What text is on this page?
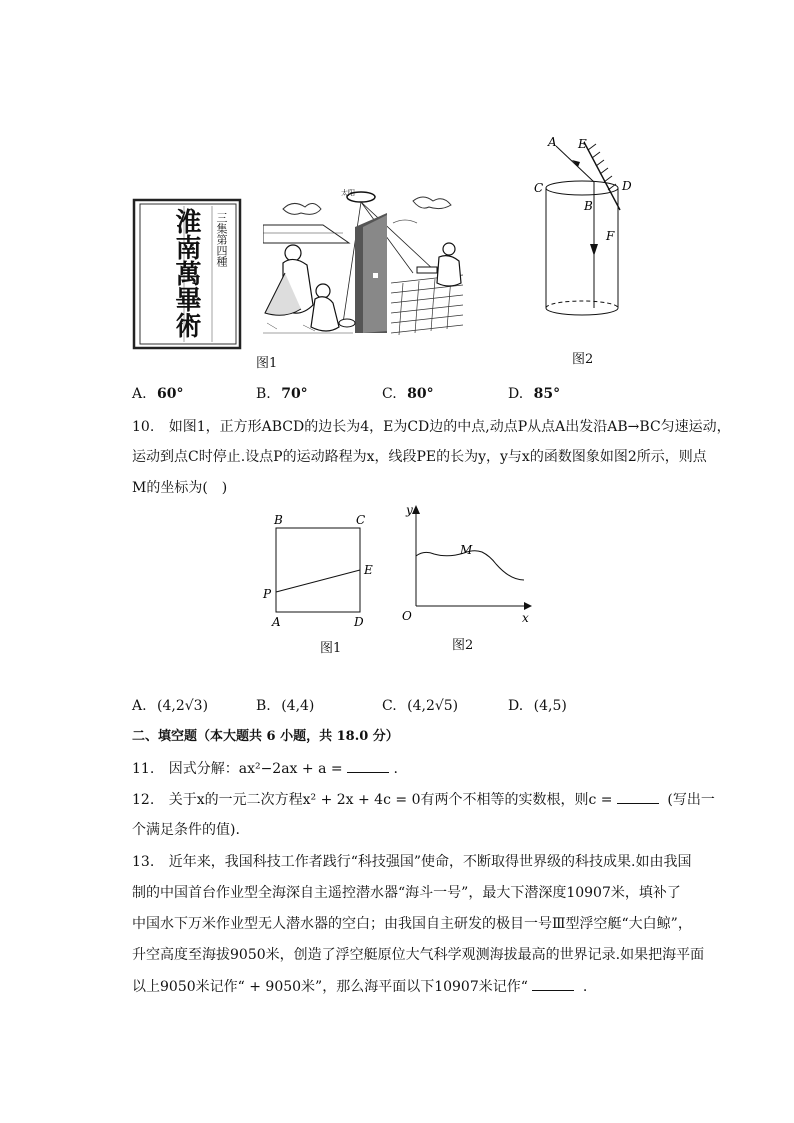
淮南萬畢術 三集第四種
太阳
图1
A E
C	D
B
F
图2
A. 60°	B. 70°	C. 80°	D. 85°
10. 如图1，正方形ABCD的边长为4，E为CD边的中点,动点P从点A出发沿AB→BC匀速运动，
运动到点C时停止.设点P的运动路程为x，线段PE的长为y，y与x的函数图象如图2所示，则点
M的坐标为(　)
B	C
E
P
A	D
图1
y
M
O	x
图2
A. (4,2√3)	B. (4,4)	C. (4,2√5)	D. (4,5)
二、填空题（本大题共 6 小题，共 18.0 分）
11. 因式分解：ax²−2ax + a =	.
12. 关于x的一元二次方程x² + 2x + 4c = 0有两个不相等的实数根，则c =	(写出一
个满足条件的值).
13. 近年来，我国科技工作者践行“科技强国”使命，不断取得世界级的科技成果.如由我国
制的中国首台作业型全海深自主遥控潜水器“海斗一号”，最大下潜深度10907米，填补了
中国水下万米作业型无人潜水器的空白；由我国自主研发的极目一号Ⅲ型浮空艇“大白鲸”，
升空高度至海拔9050米，创造了浮空艇原位大气科学观测海拔最高的世界记录.如果把海平面
以上9050米记作“ + 9050米”，那么海平面以下10907米记作“	.
